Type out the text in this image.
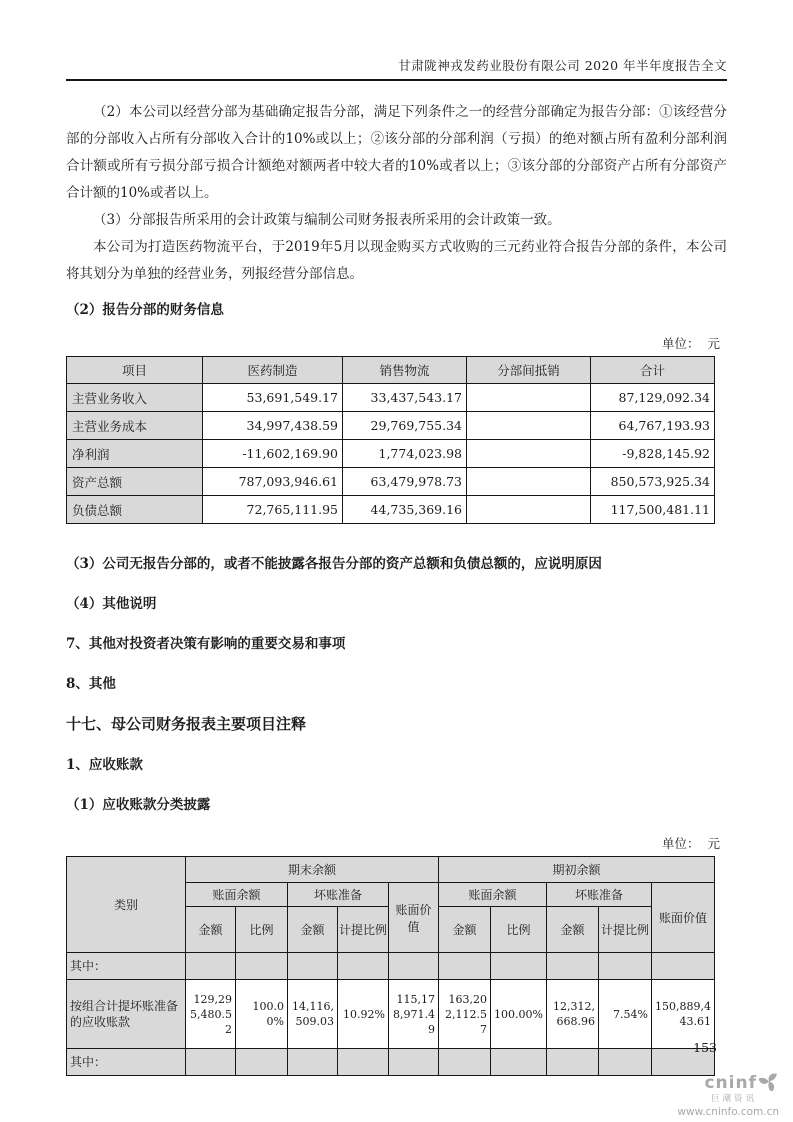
甘肃陇神戎发药业股份有限公司 2020 年半年度报告全文
（2）本公司以经营分部为基础确定报告分部，满足下列条件之一的经营分部确定为报告分部：①该经营分部的分部收入占所有分部收入合计的10%或以上；②该分部的分部利润（亏损）的绝对额占所有盈利分部利润合计额或所有亏损分部亏损合计额绝对额两者中较大者的10%或者以上；③该分部的分部资产占所有分部资产合计额的10%或者以上。
（3）分部报告所采用的会计政策与编制公司财务报表所采用的会计政策一致。
本公司为打造医药物流平台，于2019年5月以现金购买方式收购的三元药业符合报告分部的条件，本公司将其划分为单独的经营业务，列报经营分部信息。
（2）报告分部的财务信息
单位：  元
项目	医药制造	销售物流	分部间抵销	合计
主营业务收入	53,691,549.17	33,437,543.17		87,129,092.34
主营业务成本	34,997,438.59	29,769,755.34		64,767,193.93
净利润	-11,602,169.90	1,774,023.98		-9,828,145.92
资产总额	787,093,946.61	63,479,978.73		850,573,925.34
负债总额	72,765,111.95	44,735,369.16		117,500,481.11
（3）公司无报告分部的，或者不能披露各报告分部的资产总额和负债总额的，应说明原因
（4）其他说明
7、其他对投资者决策有影响的重要交易和事项
8、其他
十七、母公司财务报表主要项目注释
1、应收账款
（1）应收账款分类披露
单位：  元
类别	期末余额					期初余额				
	账面余额		坏账准备		账面价值	账面余额		坏账准备		账面价值
	金额	比例	金额	计提比例		金额	比例	金额	计提比例	
其中：										
按组合计提坏账准备的应收账款	129,295,480.52	100.00%	14,116,509.03	10.92%	115,178,971.49	163,202,112.57	100.00%	12,312,668.96	7.54%	150,889,443.61
其中：										
153
cninf
巨潮资讯
www.cninfo.com.cn
